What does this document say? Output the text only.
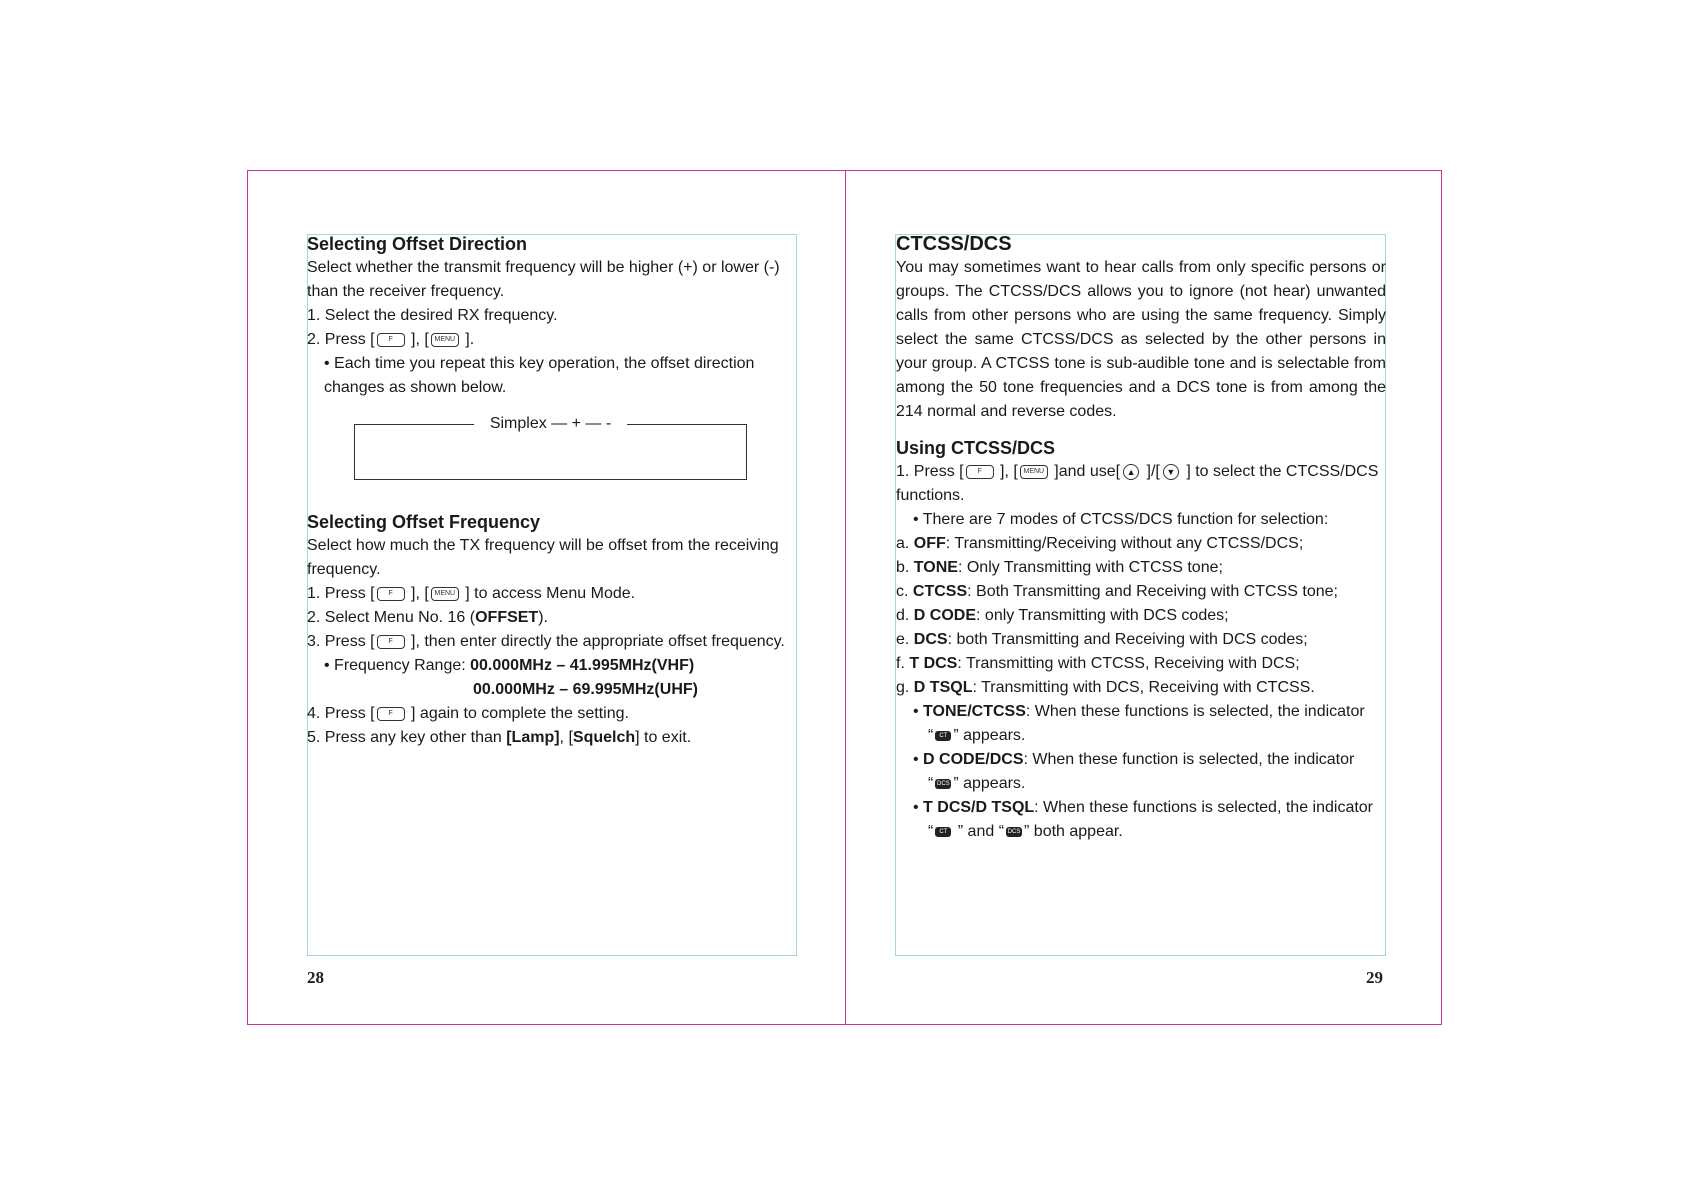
Selecting Offset Direction

Select whether the transmit frequency will be higher (+) or lower (-) than the receiver frequency.

1. Select the desired RX frequency.

2. Press [ F ], [ MENU ].

• Each time you repeat this key operation, the offset direction changes as shown below.

Simplex — + — -
Selecting Offset Frequency

Select how much the TX frequency will be offset from the receiving frequency.

1. Press [ F ], [ MENU ] to access Menu Mode.

2. Select Menu No. 16 (OFFSET).

3. Press [ F ], then enter directly the appropriate offset frequency.

• Frequency Range: 00.000MHz – 41.995MHz(VHF)

00.000MHz – 69.995MHz(UHF)

4. Press [ F ] again to complete the setting.

5. Press any key other than [Lamp], [Squelch] to exit.

CTCSS/DCS

You may sometimes want to hear calls from only specific persons or groups. The CTCSS/DCS allows you to ignore (not hear) unwanted calls from other persons who are using the same frequency. Simply select the same CTCSS/DCS as selected by the other persons in your group. A CTCSS tone is sub-audible tone and is selectable from among the 50 tone frequencies and a DCS tone is from among the 214 normal and reverse codes.

Using CTCSS/DCS

1. Press [ F ], [ MENU ]and use[ ▲ ]/[ ▼ ] to select the CTCSS/DCS functions.

• There are 7 modes of CTCSS/DCS function for selection:

a. OFF: Transmitting/Receiving without any CTCSS/DCS;

b. TONE: Only Transmitting with CTCSS tone;

c. CTCSS: Both Transmitting and Receiving with CTCSS tone;

d. D CODE: only Transmitting with DCS codes;

e. DCS: both Transmitting and Receiving with DCS codes;

f. T DCS: Transmitting with CTCSS, Receiving with DCS;

g. D TSQL: Transmitting with DCS, Receiving with CTCSS.

• TONE/CTCSS: When these functions is selected, the indicator

“ CT ” appears.

• D CODE/DCS: When these function is selected, the indicator

“ DCS ” appears.

• T DCS/D TSQL: When these functions is selected, the indicator

“ CT ” and “ DCS ” both appear.

28	29
